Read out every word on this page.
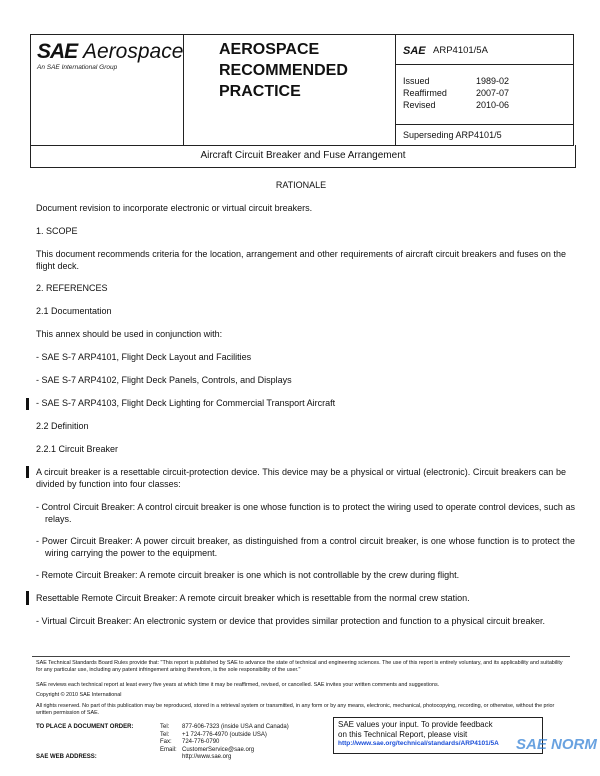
SAE Aerospace
An SAE International Group
AEROSPACE
RECOMMENDED
PRACTICE
SAE ARP4101/5A
Issued	1989-02
Reaffirmed	2007-07
Revised	2010-06
Superseding ARP4101/5
Aircraft Circuit Breaker and Fuse Arrangement

RATIONALE

Document revision to incorporate electronic or virtual circuit breakers.

1. SCOPE

This document recommends criteria for the location, arrangement and other requirements of aircraft circuit breakers and fuses on the flight deck.

2. REFERENCES

2.1 Documentation

This annex should be used in conjunction with:

- SAE S-7 ARP4101, Flight Deck Layout and Facilities

- SAE S-7 ARP4102, Flight Deck Panels, Controls, and Displays

- SAE S-7 ARP4103, Flight Deck Lighting for Commercial Transport Aircraft

2.2 Definition

2.2.1 Circuit Breaker

A circuit breaker is a resettable circuit-protection device. This device may be a physical or virtual (electronic). Circuit breakers can be divided by function into four classes:

- Control Circuit Breaker: A control circuit breaker is one whose function is to protect the wiring used to operate control devices, such as relays.

- Power Circuit Breaker: A power circuit breaker, as distinguished from a control circuit breaker, is one whose function is to protect the wiring carrying the power to the equipment.

- Remote Circuit Breaker: A remote circuit breaker is one which is not controllable by the crew during flight.

Resettable Remote Circuit Breaker: A remote circuit breaker which is resettable from the normal crew station.

- Virtual Circuit Breaker: An electronic system or device that provides similar protection and function to a physical circuit breaker.

SAE Technical Standards Board Rules provide that: "This report is published by SAE to advance the state of technical and engineering sciences. The use of this report is entirely voluntary, and its applicability and suitability for any particular use, including any patent infringement arising therefrom, is the sole responsibility of the user."
SAE reviews each technical report at least every five years at which time it may be reaffirmed, revised, or cancelled. SAE invites your written comments and suggestions.
Copyright © 2010 SAE International
All rights reserved. No part of this publication may be reproduced, stored in a retrieval system or transmitted, in any form or by any means, electronic, mechanical, photocopying, recording, or otherwise, without the prior written permission of SAE.
TO PLACE A DOCUMENT ORDER:	Tel: 877-606-7323 (inside USA and Canada)
Tel: +1 724-776-4970 (outside USA)
Fax: 724-776-0790
Email: CustomerService@sae.org
SAE WEB ADDRESS:	http://www.sae.org
SAE values your input. To provide feedback
on this Technical Report, please visit
http://www.sae.org/technical/standards/ARP4101/5A	SAE NORM
